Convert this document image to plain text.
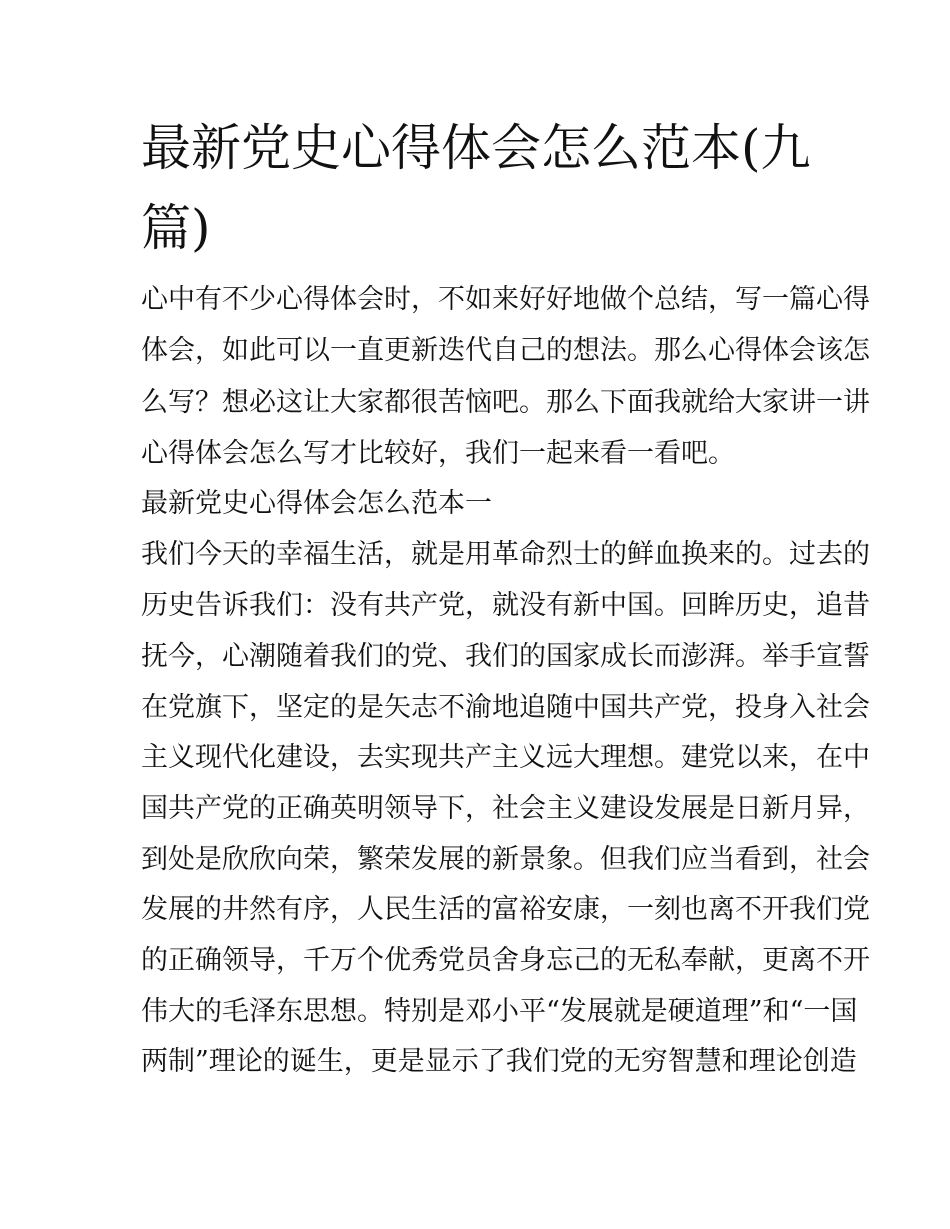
最新党史心得体会怎么范本(九
篇)
心中有不少心得体会时，不如来好好地做个总结，写一篇心得
体会，如此可以一直更新迭代自己的想法。那么心得体会该怎
么写？想必这让大家都很苦恼吧。那么下面我就给大家讲一讲
心得体会怎么写才比较好，我们一起来看一看吧。
最新党史心得体会怎么范本一
我们今天的幸福生活，就是用革命烈士的鲜血换来的。过去的
历史告诉我们：没有共产党，就没有新中国。回眸历史，追昔
抚今，心潮随着我们的党、我们的国家成长而澎湃。举手宣誓
在党旗下，坚定的是矢志不渝地追随中国共产党，投身入社会
主义现代化建设，去实现共产主义远大理想。建党以来，在中
国共产党的正确英明领导下，社会主义建设发展是日新月异，
到处是欣欣向荣，繁荣发展的新景象。但我们应当看到，社会
发展的井然有序，人民生活的富裕安康，一刻也离不开我们党
的正确领导，千万个优秀党员舍身忘己的无私奉献，更离不开
伟大的毛泽东思想。特别是邓小平“发展就是硬道理”和“一国
两制”理论的诞生，更是显示了我们党的无穷智慧和理论创造
